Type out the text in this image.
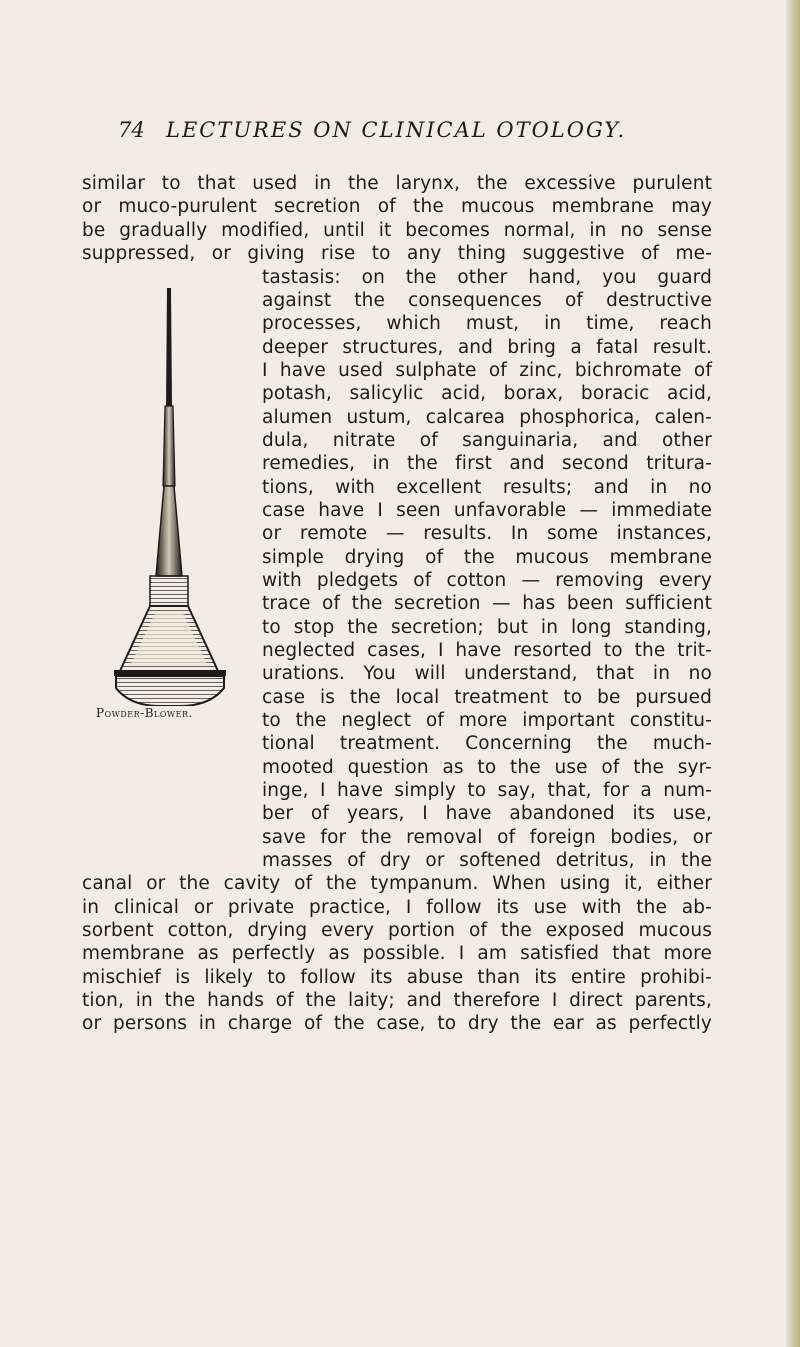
74 LECTURES ON CLINICAL OTOLOGY.
Powder-Blower.
similar to that used in the larynx, the excessive purulent
or muco-purulent secretion of the mucous membrane may
be gradually modified, until it becomes normal, in no sense
suppressed, or giving rise to any thing suggestive of me-
tastasis: on the other hand, you guard
against the consequences of destructive
processes, which must, in time, reach
deeper structures, and bring a fatal result.
I have used sulphate of zinc, bichromate of
potash, salicylic acid, borax, boracic acid,
alumen ustum, calcarea phosphorica, calen-
dula, nitrate of sanguinaria, and other
remedies, in the first and second tritura-
tions, with excellent results; and in no
case have I seen unfavorable — immediate
or remote — results. In some instances,
simple drying of the mucous membrane
with pledgets of cotton — removing every
trace of the secretion — has been sufficient
to stop the secretion; but in long standing,
neglected cases, I have resorted to the trit-
urations. You will understand, that in no
case is the local treatment to be pursued
to the neglect of more important constitu-
tional treatment. Concerning the much-
mooted question as to the use of the syr-
inge, I have simply to say, that, for a num-
ber of years, I have abandoned its use,
save for the removal of foreign bodies, or
masses of dry or softened detritus, in the
canal or the cavity of the tympanum. When using it, either
in clinical or private practice, I follow its use with the ab-
sorbent cotton, drying every portion of the exposed mucous
membrane as perfectly as possible. I am satisfied that more
mischief is likely to follow its abuse than its entire prohibi-
tion, in the hands of the laity; and therefore I direct parents,
or persons in charge of the case, to dry the ear as perfectly
